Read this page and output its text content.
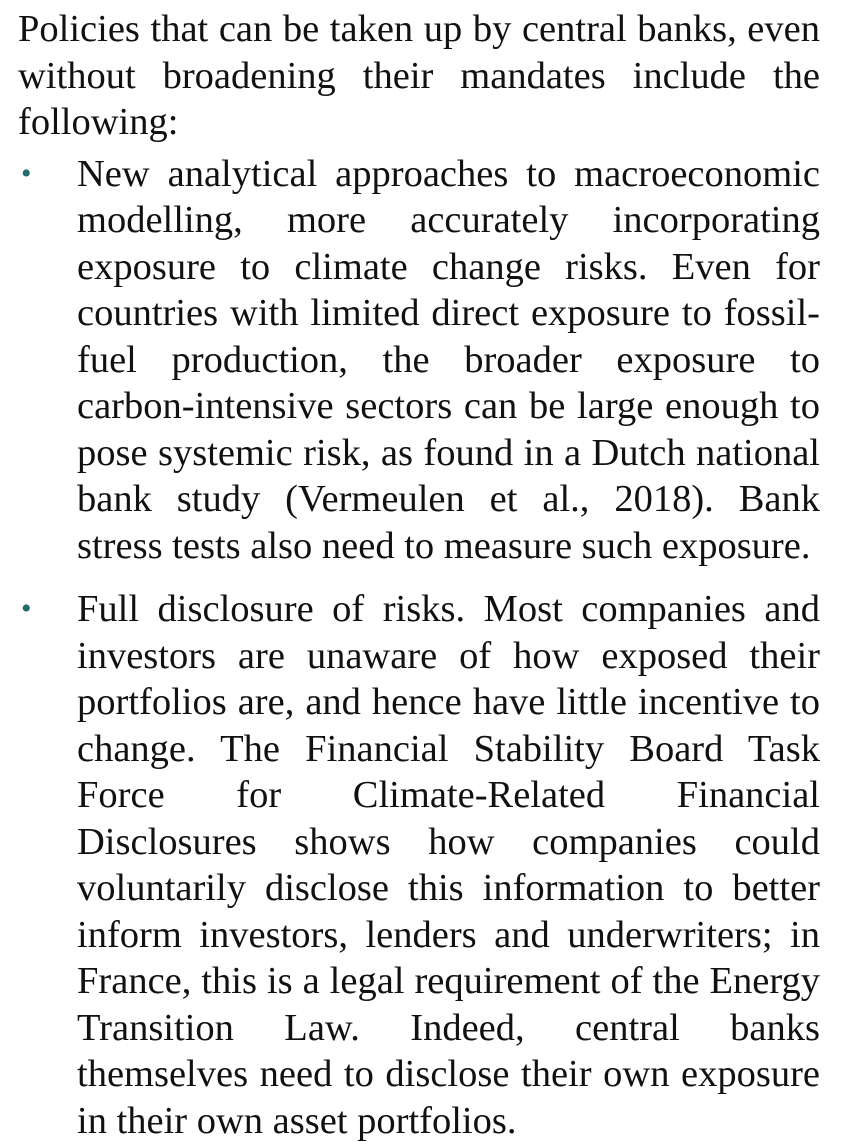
Policies that can be taken up by central banks, even without broadening their mandates include the following:

• New analytical approaches to macroeconomic modelling, more accurately incorporating exposure to climate change risks. Even for countries with limited direct exposure to fossil-fuel production, the broader exposure to carbon-intensive sectors can be large enough to pose systemic risk, as found in a Dutch national bank study (Vermeulen et al., 2018). Bank stress tests also need to measure such exposure.
• Full disclosure of risks. Most companies and investors are unaware of how exposed their portfolios are, and hence have little incentive to change. The Financial Stability Board Task Force for Climate-Related Financial Disclosures shows how companies could voluntarily disclose this information to better inform investors, lenders and underwriters; in France, this is a legal requirement of the Energy Transition Law. Indeed, central banks themselves need to disclose their own exposure in their own asset portfolios.
